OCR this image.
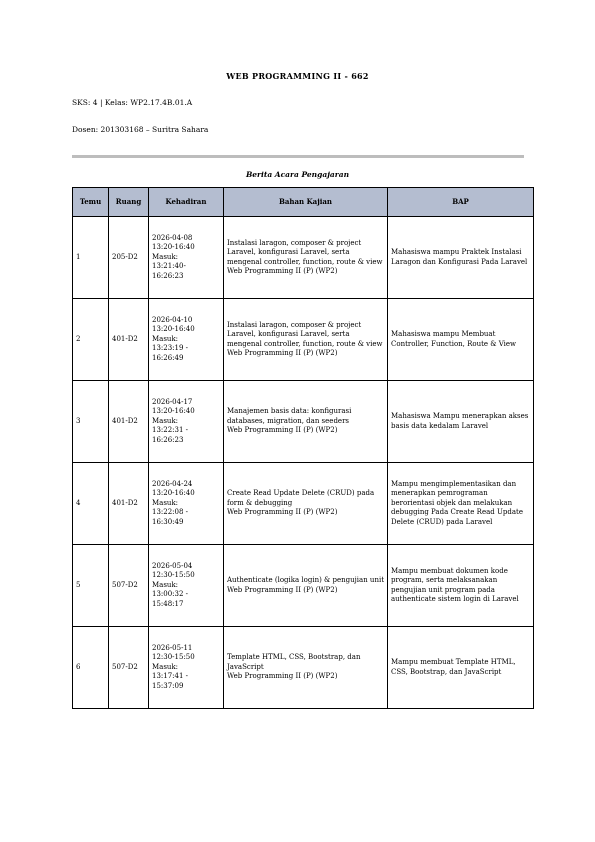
WEB PROGRAMMING II - 662
SKS: 4 | Kelas: WP2.17.4B.01.A
Dosen: 201303168 – Suritra Sahara
Berita Acara Pengajaran
Temu	Ruang	Kehadiran	Bahan Kajian	BAP
1	205-D2	2026-04-08
13:20-16:40
Masuk:
13:21:40-
16:26:23	Instalasi laragon, composer & project Laravel, konfigurasi Laravel, serta mengenal controller, function, route & view
Web Programming II (P) (WP2)	Mahasiswa mampu Praktek Instalasi Laragon dan Konfigurasi Pada Laravel
2	401-D2	2026-04-10
13:20-16:40
Masuk:
13:23:19 -
16:26:49	Instalasi laragon, composer & project Laravel, konfigurasi Laravel, serta mengenal controller, function, route & view
Web Programming II (P) (WP2)	Mahasiswa mampu Membuat Controller, Function, Route & View
3	401-D2	2026-04-17
13:20-16:40
Masuk:
13:22:31 -
16:26:23	Manajemen basis data: konfigurasi databases, migration, dan seeders
Web Programming II (P) (WP2)	Mahasiswa Mampu menerapkan akses basis data kedalam Laravel
4	401-D2	2026-04-24
13:20-16:40
Masuk:
13:22:08 -
16:30:49	Create Read Update Delete (CRUD) pada form & debugging
Web Programming II (P) (WP2)	Mampu mengimplementasikan dan menerapkan pemrograman berorientasi objek dan melakukan debugging Pada Create Read Update Delete (CRUD) pada Laravel
5	507-D2	2026-05-04
12:30-15:50
Masuk:
13:00:32 -
15:48:17	Authenticate (logika login) & pengujian unit
Web Programming II (P) (WP2)	Mampu membuat dokumen kode program, serta melaksanakan pengujian unit program pada authenticate sistem login di Laravel
6	507-D2	2026-05-11
12:30-15:50
Masuk:
13:17:41 -
15:37:09	Template HTML, CSS, Bootstrap, dan JavaScript
Web Programming II (P) (WP2)	Mampu membuat Template HTML, CSS, Bootstrap, dan JavaScript
